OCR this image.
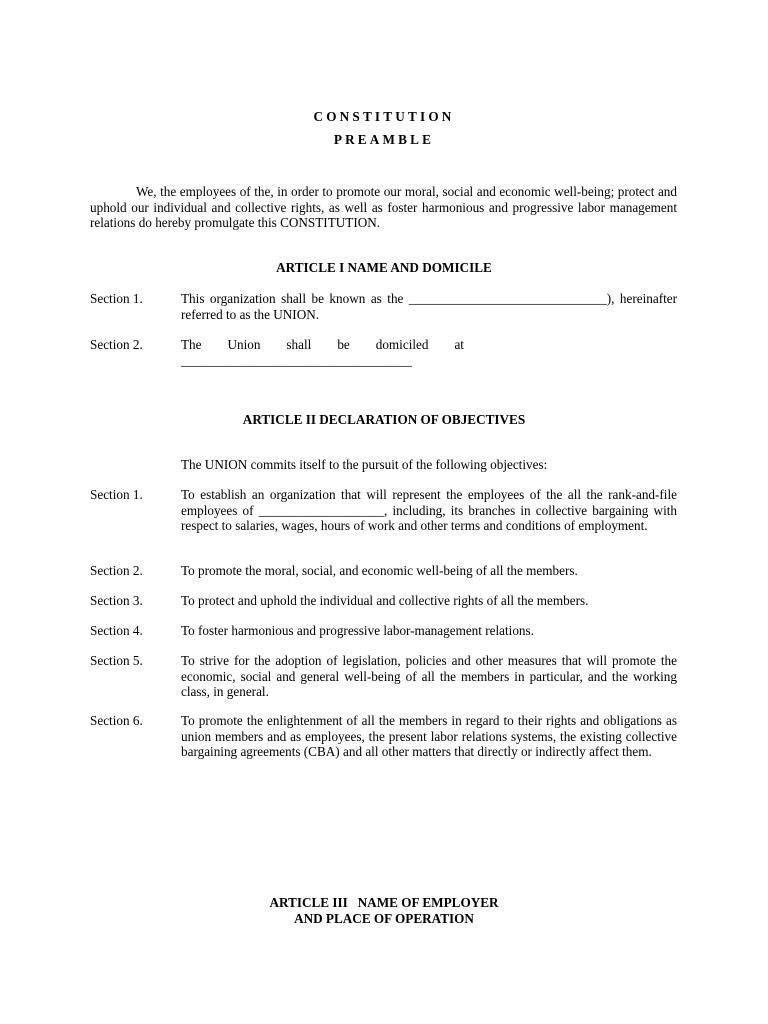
CONSTITUTION
PREAMBLE
We, the employees of the, in order to promote our moral, social and economic well-being; protect and uphold our individual and collective rights, as well as foster harmonious and progressive labor management relations do hereby promulgate this CONSTITUTION.
ARTICLE I NAME AND DOMICILE
Section 1.	This organization shall be known as the ______________________________), hereinafter referred to as the UNION.
Section 2.	The Union shall be domiciled at
___________________________________
ARTICLE II DECLARATION OF OBJECTIVES
The UNION commits itself to the pursuit of the following objectives:
Section 1.	To establish an organization that will represent the employees of the all the rank-and-file employees of ___________________, including, its branches in collective bargaining with respect to salaries, wages, hours of work and other terms and conditions of employment.
Section 2.	To promote the moral, social, and economic well-being of all the members.
Section 3.	To protect and uphold the individual and collective rights of all the members.
Section 4.	To foster harmonious and progressive labor-management relations.
Section 5.	To strive for the adoption of legislation, policies and other measures that will promote the economic, social and general well-being of all the members in particular, and the working class, in general.
Section 6.	To promote the enlightenment of all the members in regard to their rights and obligations as union members and as employees, the present labor relations systems, the existing collective bargaining agreements (CBA) and all other matters that directly or indirectly affect them.
ARTICLE III   NAME OF EMPLOYER
AND PLACE OF OPERATION
